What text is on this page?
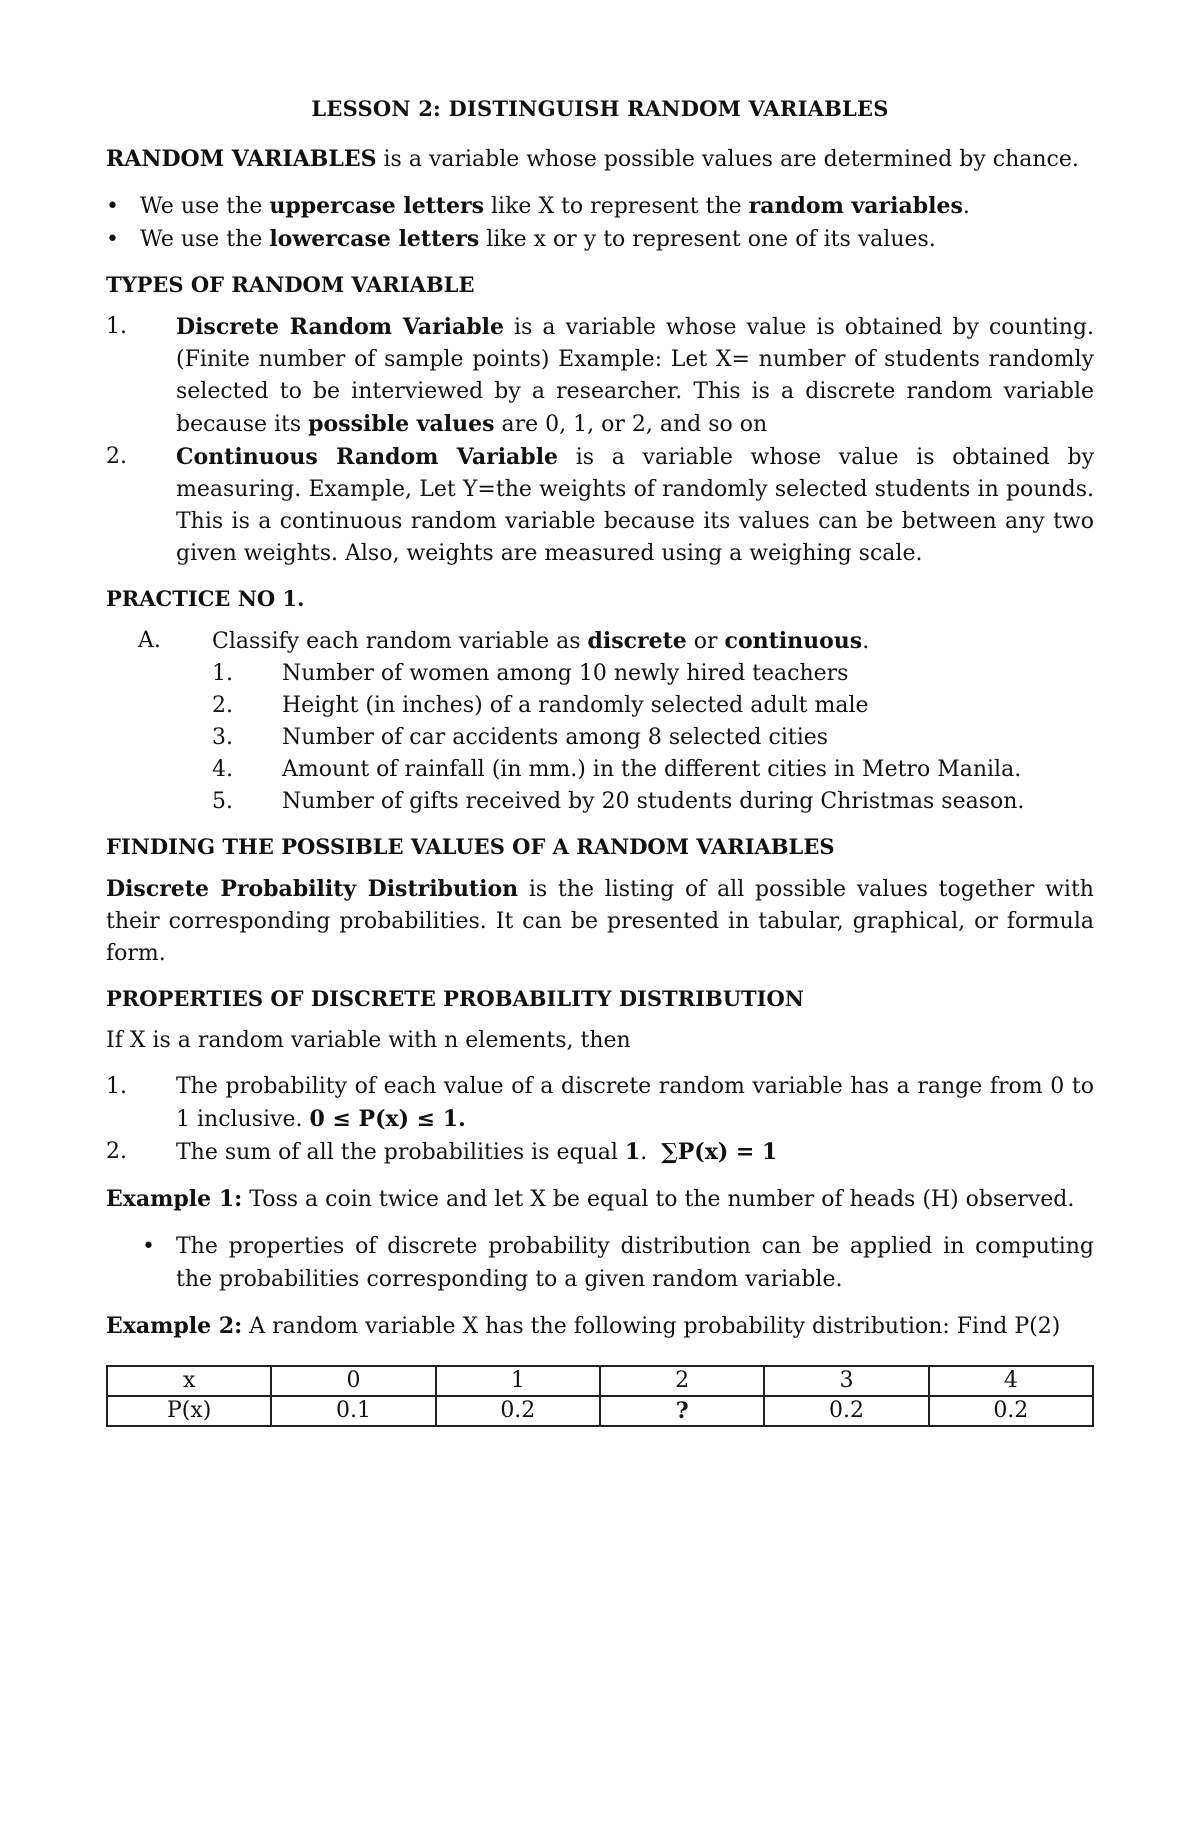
LESSON 2: DISTINGUISH RANDOM VARIABLES

RANDOM VARIABLES is a variable whose possible values are determined by chance.

• We use the uppercase letters like X to represent the random variables.
• We use the lowercase letters like x or y to represent one of its values.
TYPES OF RANDOM VARIABLE
1. Discrete Random Variable is a variable whose value is obtained by counting. (Finite number of sample points) Example: Let X= number of students randomly selected to be interviewed by a researcher. This is a discrete random variable because its possible values are 0, 1, or 2, and so on
2. Continuous Random Variable is a variable whose value is obtained by measuring. Example, Let Y=the weights of randomly selected students in pounds. This is a continuous random variable because its values can be between any two given weights. Also, weights are measured using a weighing scale.
PRACTICE NO 1.
A. Classify each random variable as discrete or continuous.
1. Number of women among 10 newly hired teachers
2. Height (in inches) of a randomly selected adult male
3. Number of car accidents among 8 selected cities
4. Amount of rainfall (in mm.) in the different cities in Metro Manila.
5. Number of gifts received by 20 students during Christmas season.
FINDING THE POSSIBLE VALUES OF A RANDOM VARIABLES

Discrete Probability Distribution is the listing of all possible values together with their corresponding probabilities. It can be presented in tabular, graphical, or formula form.

PROPERTIES OF DISCRETE PROBABILITY DISTRIBUTION

If X is a random variable with n elements, then

1. The probability of each value of a discrete random variable has a range from 0 to 1 inclusive. 0 ≤ P(x) ≤ 1.
2. The sum of all the probabilities is equal 1.  ∑P(x) = 1

Example 1: Toss a coin twice and let X be equal to the number of heads (H) observed.

• The properties of discrete probability distribution can be applied in computing the probabilities corresponding to a given random variable.

Example 2: A random variable X has the following probability distribution: Find P(2)

x	0	1	2	3	4
P(x)	0.1	0.2	?	0.2	0.2
